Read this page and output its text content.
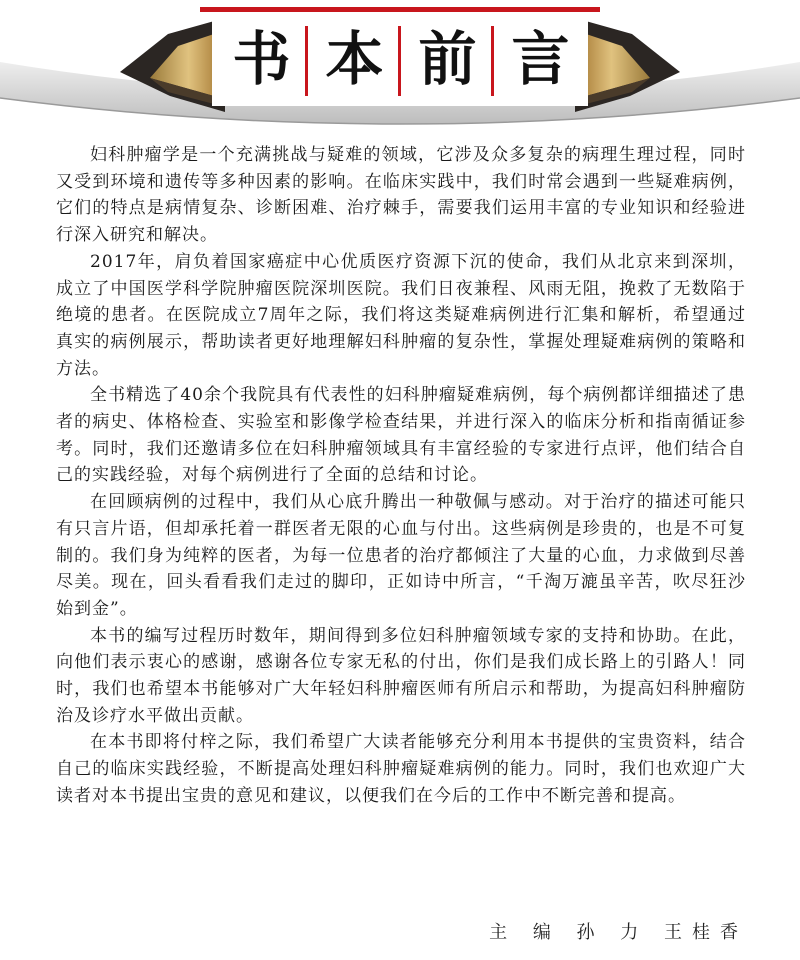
书 本 前 言

妇科肿瘤学是一个充满挑战与疑难的领域，它涉及众多复杂的病理生理过程，同时又受到环境和遗传等多种因素的影响。在临床实践中，我们时常会遇到一些疑难病例，它们的特点是病情复杂、诊断困难、治疗棘手，需要我们运用丰富的专业知识和经验进行深入研究和解决。

2017年，肩负着国家癌症中心优质医疗资源下沉的使命，我们从北京来到深圳，成立了中国医学科学院肿瘤医院深圳医院。我们日夜兼程、风雨无阻，挽救了无数陷于绝境的患者。在医院成立7周年之际，我们将这类疑难病例进行汇集和解析，希望通过真实的病例展示，帮助读者更好地理解妇科肿瘤的复杂性，掌握处理疑难病例的策略和方法。

全书精选了40余个我院具有代表性的妇科肿瘤疑难病例，每个病例都详细描述了患者的病史、体格检查、实验室和影像学检查结果，并进行深入的临床分析和指南循证参考。同时，我们还邀请多位在妇科肿瘤领域具有丰富经验的专家进行点评，他们结合自己的实践经验，对每个病例进行了全面的总结和讨论。

在回顾病例的过程中，我们从心底升腾出一种敬佩与感动。对于治疗的描述可能只有只言片语，但却承托着一群医者无限的心血与付出。这些病例是珍贵的，也是不可复制的。我们身为纯粹的医者，为每一位患者的治疗都倾注了大量的心血，力求做到尽善尽美。现在，回头看看我们走过的脚印，正如诗中所言，“千淘万漉虽辛苦，吹尽狂沙始到金”。

本书的编写过程历时数年，期间得到多位妇科肿瘤领域专家的支持和协助。在此，向他们表示衷心的感谢，感谢各位专家无私的付出，你们是我们成长路上的引路人！同时，我们也希望本书能够对广大年轻妇科肿瘤医师有所启示和帮助，为提高妇科肿瘤防治及诊疗水平做出贡献。

在本书即将付梓之际，我们希望广大读者能够充分利用本书提供的宝贵资料，结合自己的临床实践经验，不断提高处理妇科肿瘤疑难病例的能力。同时，我们也欢迎广大读者对本书提出宝贵的意见和建议，以便我们在今后的工作中不断完善和提高。

主 编 孙 力 王桂香
